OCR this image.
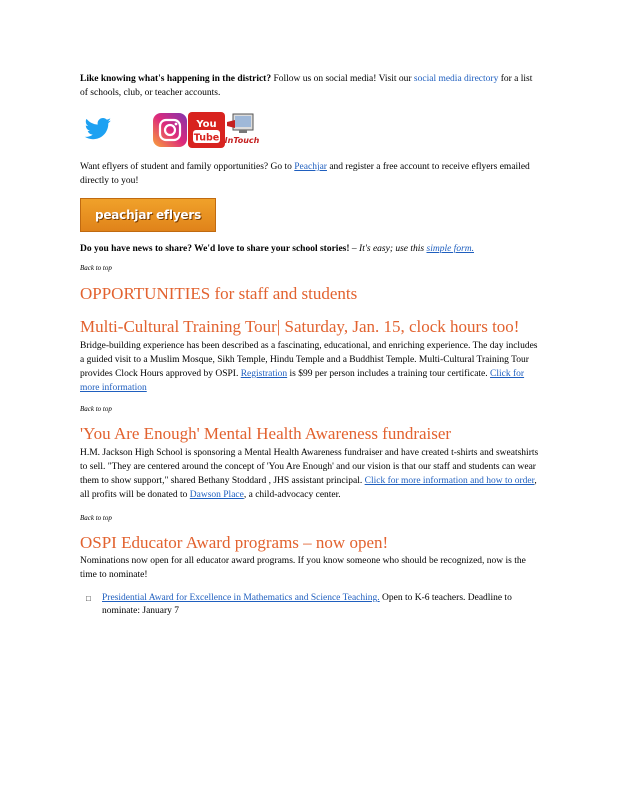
Like knowing what's happening in the district? Follow us on social media! Visit our social media directory for a list of schools, club, or teacher accounts.

You
Tube InTouch

Want eflyers of student and family opportunities? Go to Peachjar and register a free account to receive eflyers emailed directly to you!

peachjar eflyers

Do you have news to share? We'd love to share your school stories! – It's easy; use this simple form.

Back to top

OPPORTUNITIES for staff and students
Multi-Cultural Training Tour| Saturday, Jan. 15, clock hours too!

Bridge-building experience has been described as a fascinating, educational, and enriching experience. The day includes a guided visit to a Muslim Mosque, Sikh Temple, Hindu Temple and a Buddhist Temple. Multi-Cultural Training Tour provides Clock Hours approved by OSPI. Registration is $99 per person includes a training tour certificate. Click for more information

Back to top

'You Are Enough' Mental Health Awareness fundraiser

H.M. Jackson High School is sponsoring a Mental Health Awareness fundraiser and have created t-shirts and sweatshirts to sell. "They are centered around the concept of 'You Are Enough' and our vision is that our staff and students can wear them to show support," shared Bethany Stoddard , JHS assistant principal. Click for more information and how to order, all profits will be donated to Dawson Place, a child-advocacy center.

Back to top

OSPI Educator Award programs – now open!

Nominations now open for all educator award programs. If you know someone who should be recognized, now is the time to nominate!

□	Presidential Award for Excellence in Mathematics and Science Teaching. Open to K-6 teachers. Deadline to nominate: January 7
